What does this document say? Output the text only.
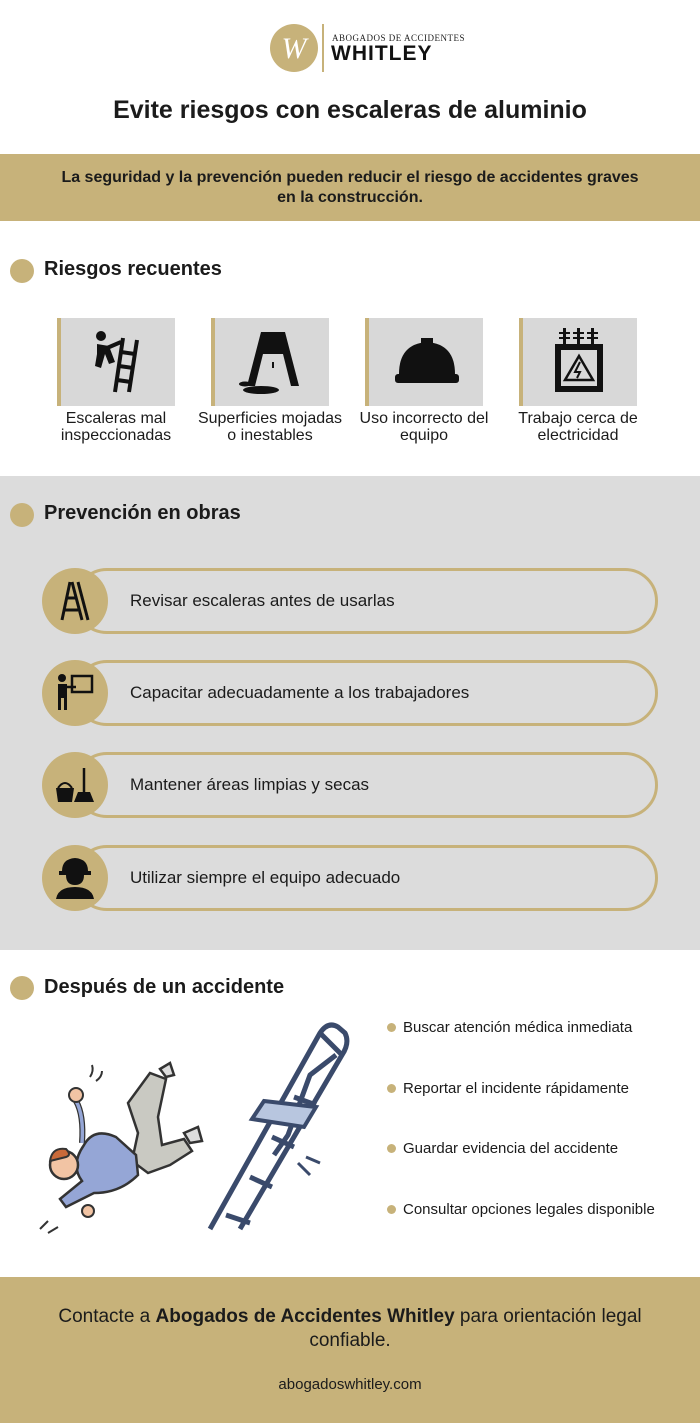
W	ABOGADOS DE ACCIDENTES
WHITLEY
Evite riesgos con escaleras de aluminio
La seguridad y la prevención pueden reducir el riesgo de accidentes graves en la construcción.
Riesgos recuentes
Escaleras mal inspeccionadas
Superficies mojadas o inestables
Uso incorrecto del equipo
Trabajo cerca de electricidad
Prevención en obras
Revisar escaleras antes de usarlas
Capacitar adecuadamente a los trabajadores
Mantener áreas limpias y secas
Utilizar siempre el equipo adecuado
Después de un accidente
Buscar atención médica inmediata
Reportar el incidente rápidamente
Guardar evidencia del accidente
Consultar opciones legales disponible
Contacte a Abogados de Accidentes Whitley para orientación legal confiable.
abogadoswhitley.com
